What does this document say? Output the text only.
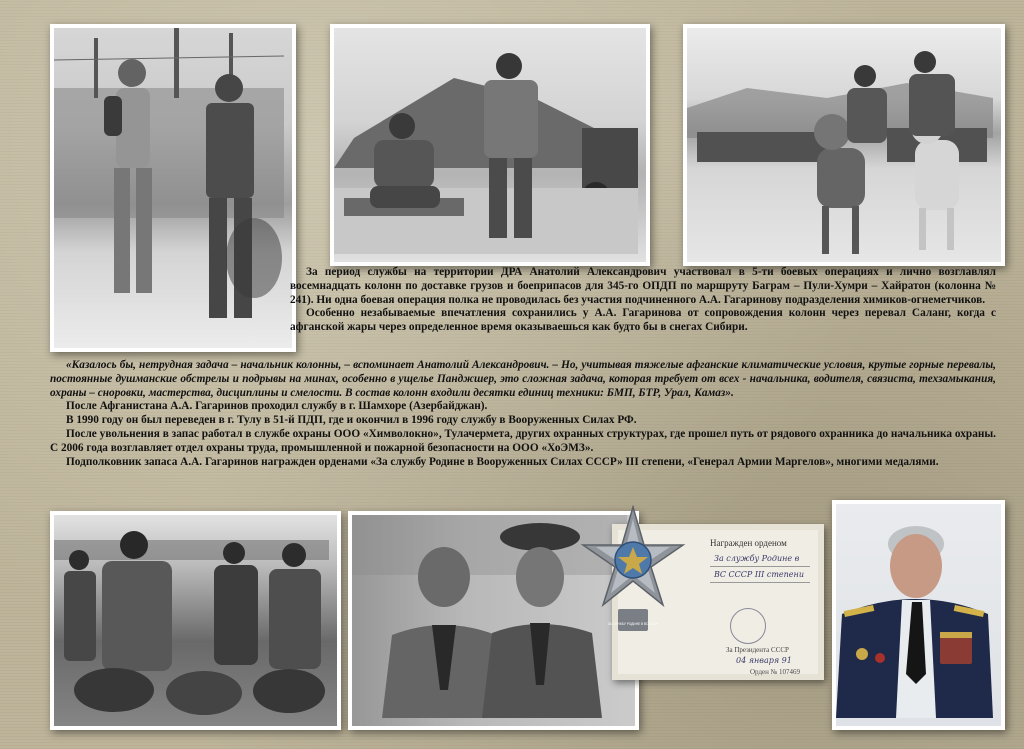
За период службы на территории ДРА Анатолий Александрович участвовал в 5-ти боевых операциях и лично возглавлял восемнадцать колонн по доставке грузов и боеприпасов для 345-го ОПДП по маршруту Баграм – Пули-Хумри – Хайратон (колонна № 241). Ни одна боевая операция полка не проводилась без участия подчиненного А.А. Гагаринову подразделения химиков-огнеметчиков.

Особенно незабываемые впечатления сохранились у А.А. Гагаринова от сопровождения колонн через перевал Саланг, когда с афганской жары через определенное время оказываешься как будто бы в снегах Сибири.

«Казалось бы, нетрудная задача – начальник колонны, – вспоминает Анатолий Александрович. – Но, учитывая тяжелые афганские климатические условия, крутые горные перевалы, постоянные душманские обстрелы и подрывы на минах, особенно в ущелье Панджшер, это сложная задача, которая требует от всех - начальника, водителя, связиста, техзамыкания, охраны – сноровки, мастерства, дисциплины и смелости. В состав колонн входили десятки единиц техники: БМП, БТР, Урал, Камаз».

После Афганистана А.А. Гагаринов проходил службу в г. Шамхоре (Азербайджан).

В 1990 году он был переведен в г. Тулу в 51-й ПДП, где и окончил в 1996 году службу в Вооруженных Силах РФ.

После увольнения в запас работал в службе охраны ООО «Химволокно», Тулачермета, других охранных структурах, где прошел путь от рядового охранника до начальника охраны. С 2006 года возглавляет отдел охраны труда, промышленной и пожарной безопасности на ООО «ХоЭМЗ».

Подполковник запаса А.А. Гагаринов награжден орденами «За службу Родине в Вооруженных Силах СССР» III степени, «Генерал Армии Маргелов», многими медалями.

Награжден орденом
За службу Родине в
ВС СССР III степени
За Президента СССР
04 января 91
Орден № 107469
ЗА СЛУЖБУ РОДИНЕ В ВС СССР
